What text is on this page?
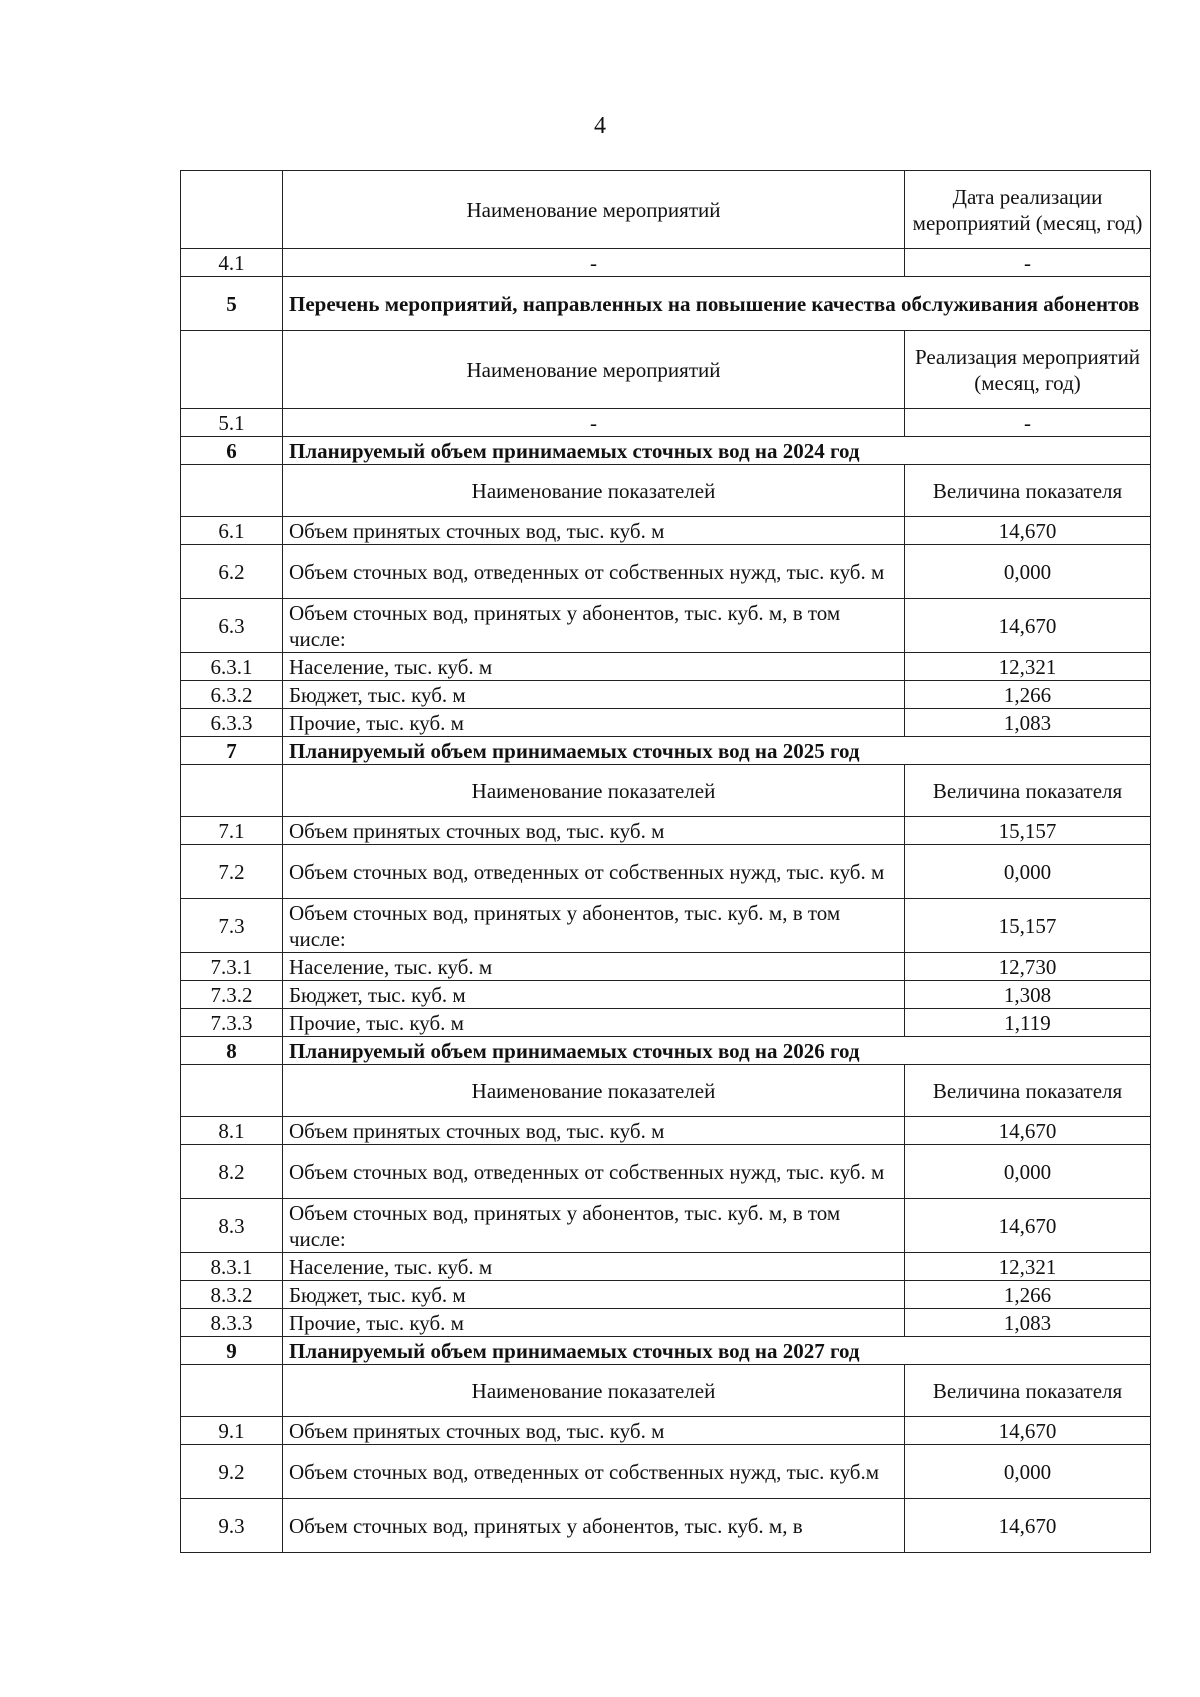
4
	Наименование мероприятий	Дата реализации мероприятий (месяц, год)
4.1	-	-
5	Перечень мероприятий, направленных на повышение качества обслуживания абонентов	
	Наименование мероприятий	Реализация мероприятий (месяц, год)
5.1	-	-
6	Планируемый объем принимаемых сточных вод на 2024 год	
	Наименование показателей	Величина показателя
6.1	Объем принятых сточных вод, тыс. куб. м	14,670
6.2	Объем сточных вод, отведенных от собственных нужд, тыс. куб. м	0,000
6.3	Объем сточных вод, принятых у абонентов, тыс. куб. м, в том числе:	14,670
6.3.1	Население, тыс. куб. м	12,321
6.3.2	Бюджет, тыс. куб. м	1,266
6.3.3	Прочие, тыс. куб. м	1,083
7	Планируемый объем принимаемых сточных вод на 2025 год	
	Наименование показателей	Величина показателя
7.1	Объем принятых сточных вод, тыс. куб. м	15,157
7.2	Объем сточных вод, отведенных от собственных нужд, тыс. куб. м	0,000
7.3	Объем сточных вод, принятых у абонентов, тыс. куб. м, в том числе:	15,157
7.3.1	Население, тыс. куб. м	12,730
7.3.2	Бюджет, тыс. куб. м	1,308
7.3.3	Прочие, тыс. куб. м	1,119
8	Планируемый объем принимаемых сточных вод на 2026 год	
	Наименование показателей	Величина показателя
8.1	Объем принятых сточных вод, тыс. куб. м	14,670
8.2	Объем сточных вод, отведенных от собственных нужд, тыс. куб. м	0,000
8.3	Объем сточных вод, принятых у абонентов, тыс. куб. м, в том числе:	14,670
8.3.1	Население, тыс. куб. м	12,321
8.3.2	Бюджет, тыс. куб. м	1,266
8.3.3	Прочие, тыс. куб. м	1,083
9	Планируемый объем принимаемых сточных вод на 2027 год	
	Наименование показателей	Величина показателя
9.1	Объем принятых сточных вод, тыс. куб. м	14,670
9.2	Объем сточных вод, отведенных от собственных нужд, тыс. куб.м	0,000
9.3	Объем сточных вод, принятых у абонентов, тыс. куб. м, в	14,670
